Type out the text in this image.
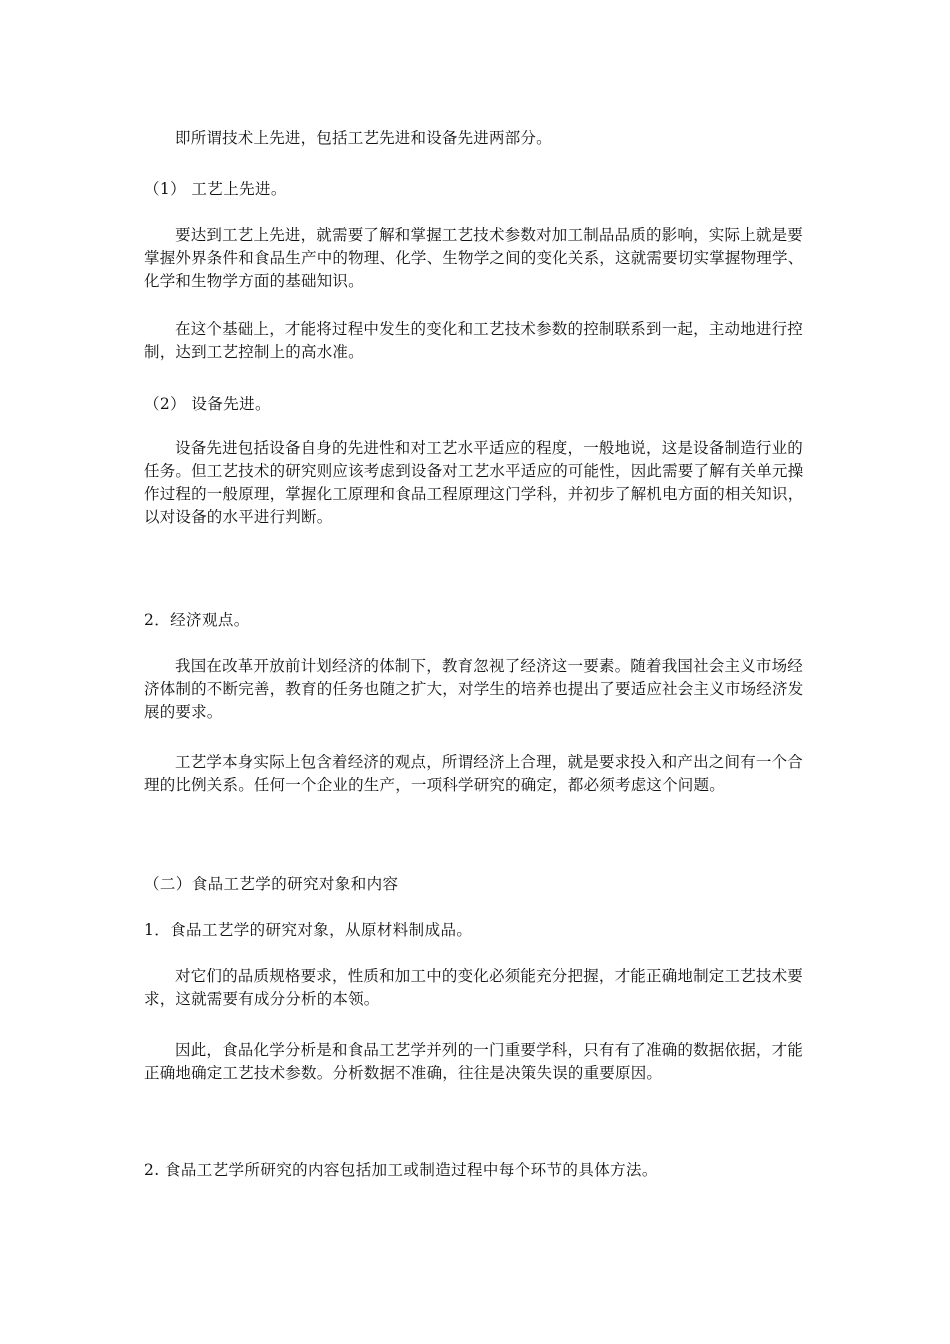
即所谓技术上先进，包括工艺先进和设备先进两部分。

（1） 工艺上先进。

要达到工艺上先进，就需要了解和掌握工艺技术参数对加工制品品质的影响，实际上就是要掌握外界条件和食品生产中的物理、化学、生物学之间的变化关系，这就需要切实掌握物理学、化学和生物学方面的基础知识。

在这个基础上，才能将过程中发生的变化和工艺技术参数的控制联系到一起，主动地进行控制，达到工艺控制上的高水准。

（2） 设备先进。

设备先进包括设备自身的先进性和对工艺水平适应的程度，一般地说，这是设备制造行业的任务。但工艺技术的研究则应该考虑到设备对工艺水平适应的可能性，因此需要了解有关单元操作过程的一般原理，掌握化工原理和食品工程原理这门学科，并初步了解机电方面的相关知识，以对设备的水平进行判断。

2．经济观点。

我国在改革开放前计划经济的体制下，教育忽视了经济这一要素。随着我国社会主义市场经济体制的不断完善，教育的任务也随之扩大，对学生的培养也提出了要适应社会主义市场经济发展的要求。

工艺学本身实际上包含着经济的观点，所谓经济上合理，就是要求投入和产出之间有一个合理的比例关系。任何一个企业的生产，一项科学研究的确定，都必须考虑这个问题。

（二）食品工艺学的研究对象和内容

1．食品工艺学的研究对象，从原材料制成品。

对它们的品质规格要求，性质和加工中的变化必须能充分把握，才能正确地制定工艺技术要求，这就需要有成分分析的本领。

因此，食品化学分析是和食品工艺学并列的一门重要学科，只有有了准确的数据依据，才能正确地确定工艺技术参数。分析数据不准确，往往是决策失误的重要原因。

2. 食品工艺学所研究的内容包括加工或制造过程中每个环节的具体方法。
